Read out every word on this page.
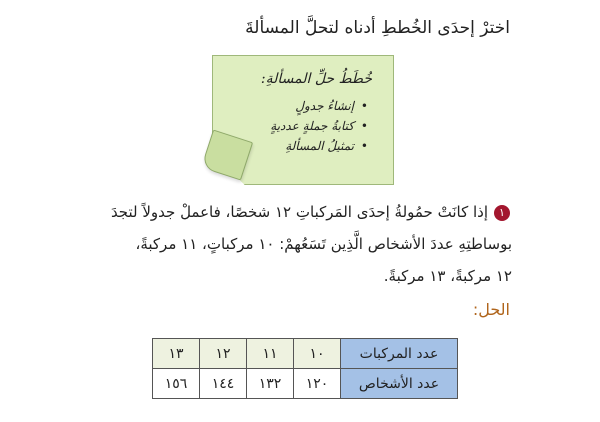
اخترْ إحدَى الخُططِ أدناه لتحلَّ المسألةَ
خُطَطُ حلِّ المسألةِ:
• إنشاءُ جدولٍ
• كتابةُ جملةٍ عدديةٍ
• تمثيلُ المسألةِ
١
إذا كانَتْ حمُولةُ إحدَى المَركباتِ ١٢ شخصًا، فاعملْ جدولاً لتجدَ
بوساطتِهِ عددَ الأشخاص الَّذِين تَسَعُهمْ: ١٠ مركباتٍ، ١١ مركبةً،
١٢ مركبةً، ١٣ مركبةً.
الحل:
عدد المركبات	١٠	١١	١٢	١٣
عدد الأشخاص	١٢٠	١٣٢	١٤٤	١٥٦
